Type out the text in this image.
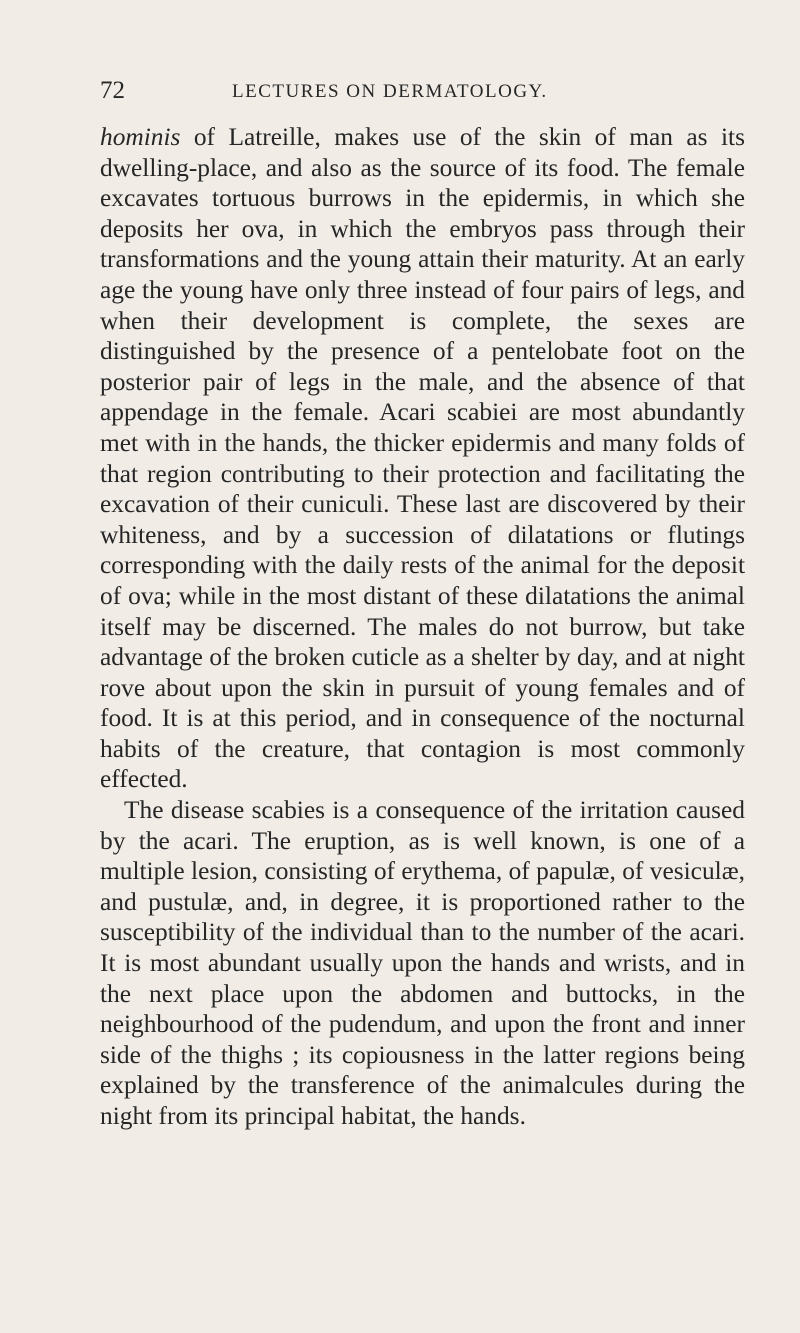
72	LECTURES ON DERMATOLOGY.

hominis of Latreille, makes use of the skin of man as its dwelling-place, and also as the source of its food. The female excavates tortuous burrows in the epidermis, in which she deposits her ova, in which the embryos pass through their transformations and the young attain their maturity. At an early age the young have only three instead of four pairs of legs, and when their development is complete, the sexes are distinguished by the presence of a pentelobate foot on the posterior pair of legs in the male, and the absence of that appendage in the female. Acari scabiei are most abundantly met with in the hands, the thicker epidermis and many folds of that region contributing to their protection and facilitating the excavation of their cuniculi. These last are discovered by their whiteness, and by a succession of dilatations or flutings corresponding with the daily rests of the animal for the deposit of ova; while in the most distant of these dilatations the animal itself may be discerned. The males do not burrow, but take advantage of the broken cuticle as a shelter by day, and at night rove about upon the skin in pursuit of young females and of food. It is at this period, and in consequence of the nocturnal habits of the creature, that contagion is most commonly effected.

The disease scabies is a consequence of the irritation caused by the acari. The eruption, as is well known, is one of a multiple lesion, consisting of erythema, of papulæ, of vesiculæ, and pustulæ, and, in degree, it is proportioned rather to the susceptibility of the individual than to the number of the acari. It is most abundant usually upon the hands and wrists, and in the next place upon the abdomen and buttocks, in the neighbourhood of the pudendum, and upon the front and inner side of the thighs ; its copiousness in the latter regions being explained by the transference of the animalcules during the night from its principal habitat, the hands.
